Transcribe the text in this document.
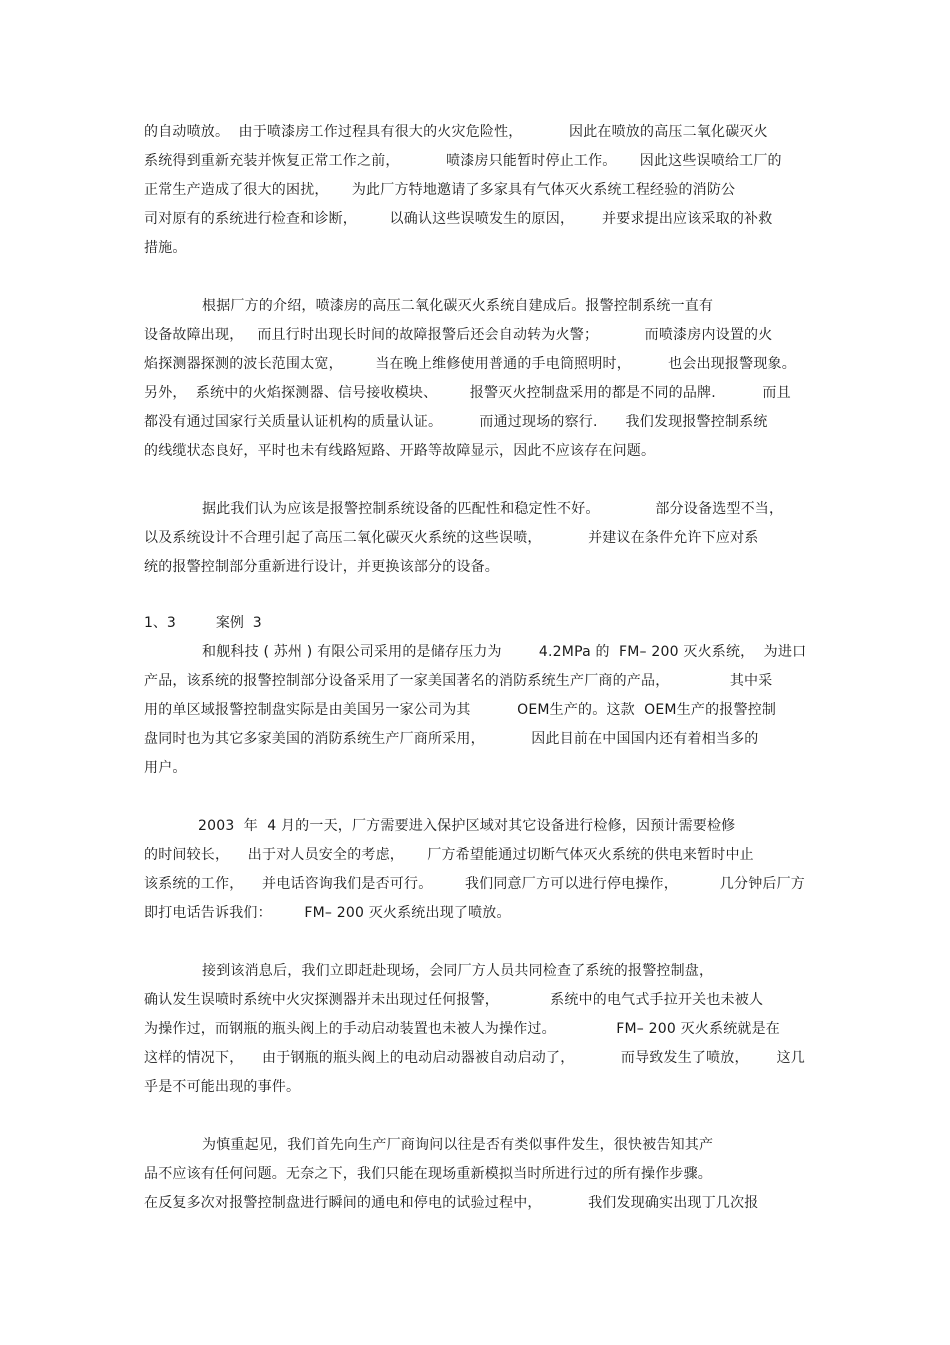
的自动喷放。  由于喷漆房工作过程具有很大的火灾危险性，          因此在喷放的高压二氧化碳灭火
系统得到重新充装并恢复正常工作之前，          喷漆房只能暂时停止工作。     因此这些误喷给工厂的
正常生产造成了很大的困扰，     为此厂方特地邀请了多家具有气体灭火系统工程经验的消防公
司对原有的系统进行检查和诊断，       以确认这些误喷发生的原因，      并要求提出应该采取的补救
措施。
根据厂方的介绍，喷漆房的高压二氧化碳灭火系统自建成后。报警控制系统一直有
设备故障出现，   而且行时出现长时间的故障报警后还会自动转为火警；          而喷漆房内设置的火
焰探测器探测的波长范围太宽，       当在晚上维修使用普通的手电筒照明时，        也会出现报警现象。
另外，  系统中的火焰探测器、信号接收模块、       报警灭火控制盘采用的都是不同的品牌.          而且
都没有通过国家行关质量认证机构的质量认证。        而通过现场的察行.      我们发现报警控制系统
的线缆状态良好，平时也未有线路短路、开路等故障显示，因此不应该存在问题。
据此我们认为应该是报警控制系统设备的匹配性和稳定性不好。            部分设备选型不当，
以及系统设计不合理引起了高压二氧化碳灭火系统的这些误喷，          并建议在条件允许下应对系
统的报警控制部分重新进行设计，并更换该部分的设备。
1、3	案例  3
和舰科技 ( 苏州 ) 有限公司采用的是储存压力为        4.2MPa 的  FM– 200 灭火系统，  为进口
产品，该系统的报警控制部分设备采用了一家美国著名的消防系统生产厂商的产品，             其中采
用的单区域报警控制盘实际是由美国另一家公司为其          OEM生产的。这款  OEM生产的报警控制
盘同时也为其它多家美国的消防系统生产厂商所采用，          因此目前在中国国内还有着相当多的
用户。
2003  年  4 月的一天，厂方需要进入保护区域对其它设备进行检修，因预计需要检修
的时间较长，    出于对人员安全的考虑，     厂方希望能通过切断气体灭火系统的供电来暂时中止
该系统的工作，    并电话咨询我们是否可行。       我们同意厂方可以进行停电操作，         几分钟后厂方
即打电话告诉我们：       FM– 200 灭火系统出现了喷放。
接到该消息后，我们立即赶赴现场，会同厂方人员共同检查了系统的报警控制盘，
确认发生误喷时系统中火灾探测器并未出现过任何报警，           系统中的电气式手拉开关也未被人
为操作过，而钢瓶的瓶头阀上的手动启动装置也未被人为操作过。             FM– 200 灭火系统就是在
这样的情况下，    由于钢瓶的瓶头阀上的电动启动器被自动启动了，          而导致发生了喷放，      这几
乎是不可能出现的事件。
为慎重起见，我们首先向生产厂商询问以往是否有类似事件发生，很快被告知其产
品不应该有任何问题。无奈之下，我们只能在现场重新模拟当时所进行过的所有操作步骤。
在反复多次对报警控制盘进行瞬间的通电和停电的试验过程中，          我们发现确实出现丁几次报
